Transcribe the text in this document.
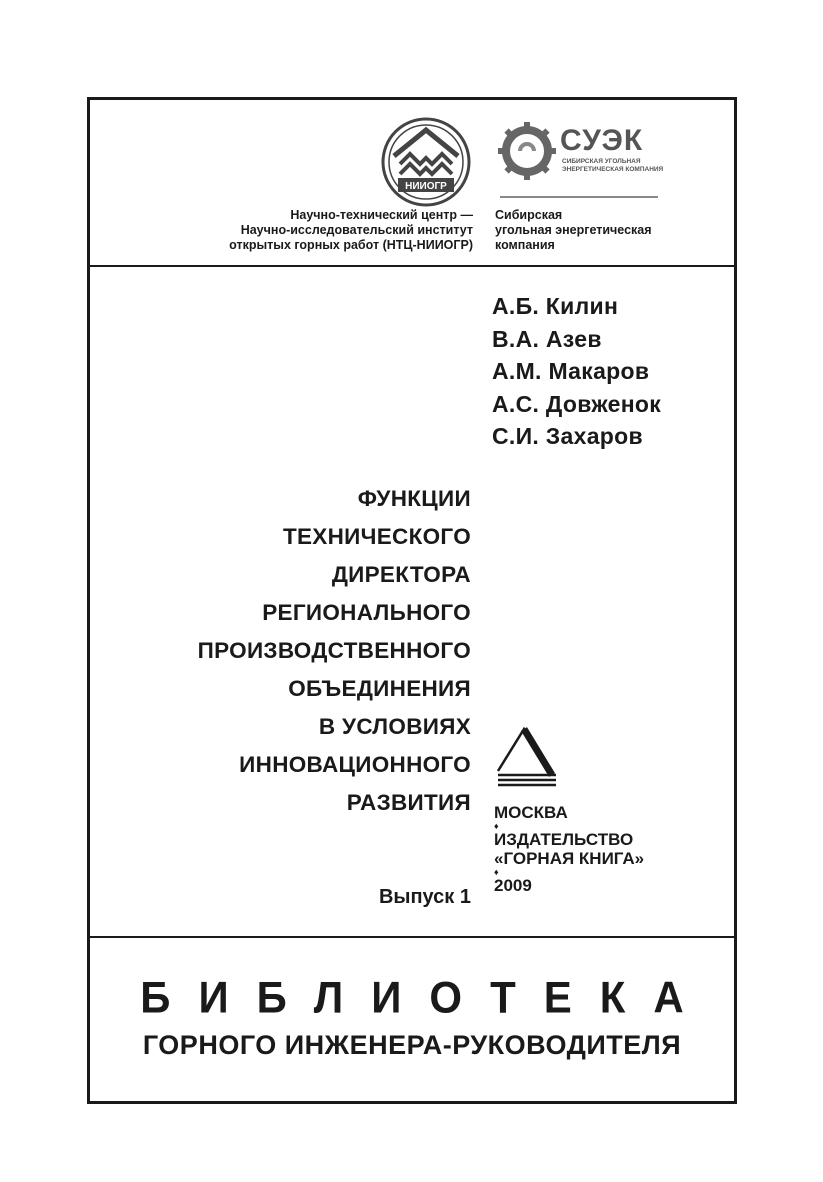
НИИОГР
СУЭК
СИБИРСКАЯ УГОЛЬНАЯ
ЭНЕРГЕТИЧЕСКАЯ КОМПАНИЯ
Научно-технический центр —
Научно-исследовательский институт
открытых горных работ (НТЦ-НИИОГР)
Сибирская
угольная энергетическая
компания
А.Б. Килин
В.А. Азев
А.М. Макаров
А.С. Довженок
С.И. Захаров
ФУНКЦИИ
ТЕХНИЧЕСКОГО
ДИРЕКТОРА
РЕГИОНАЛЬНОГО
ПРОИЗВОДСТВЕННОГО
ОБЪЕДИНЕНИЯ
В УСЛОВИЯХ
ИННОВАЦИОННОГО
РАЗВИТИЯ МОСКВА
♦
ИЗДАТЕЛЬСТВО
«ГОРНАЯ КНИГА»
♦
2009
Выпуск 1
БИБЛИОТЕКА
ГОРНОГО ИНЖЕНЕРА-РУКОВОДИТЕЛЯ
